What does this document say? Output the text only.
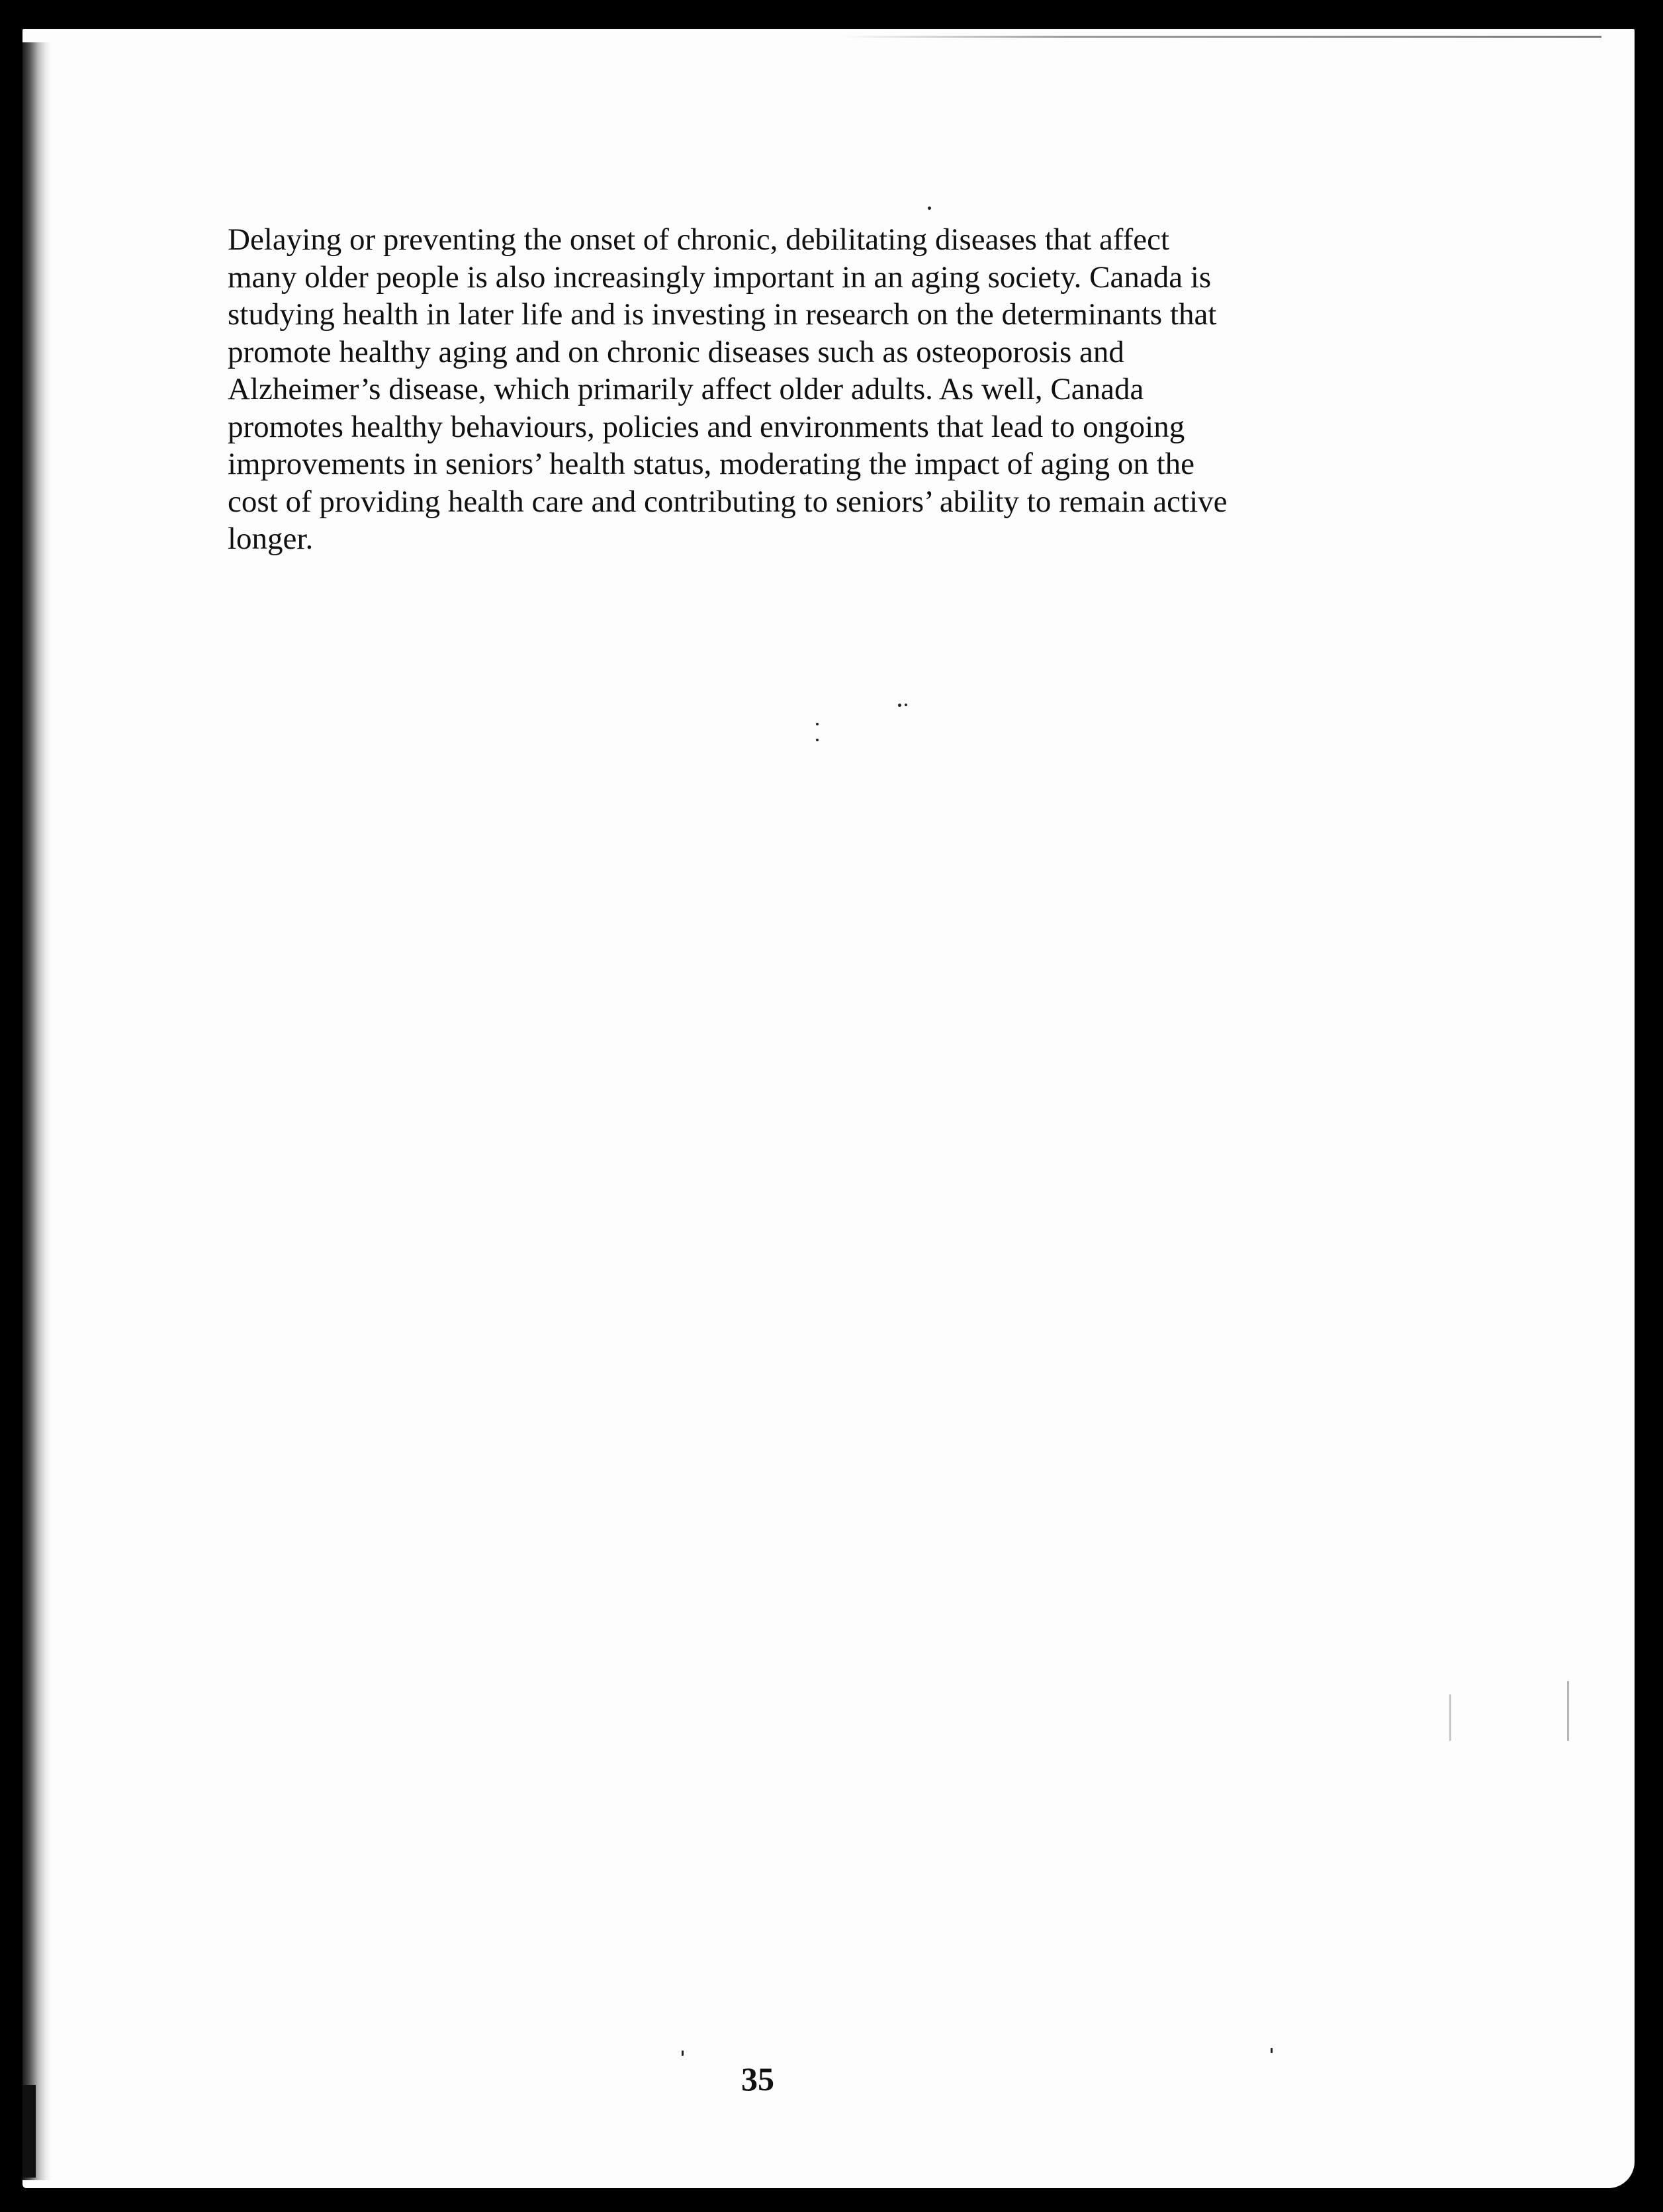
Delaying or preventing the onset of chronic, debilitating diseases that affect
many older people is also increasingly important in an aging society. Canada is
studying health in later life and is investing in research on the determinants that
promote healthy aging and on chronic diseases such as osteoporosis and
Alzheimer’s disease, which primarily affect older adults. As well, Canada
promotes healthy behaviours, policies and environments that lead to ongoing
improvements in seniors’ health status, moderating the impact of aging on the
cost of providing health care and contributing to seniors’ ability to remain active
longer.

35
